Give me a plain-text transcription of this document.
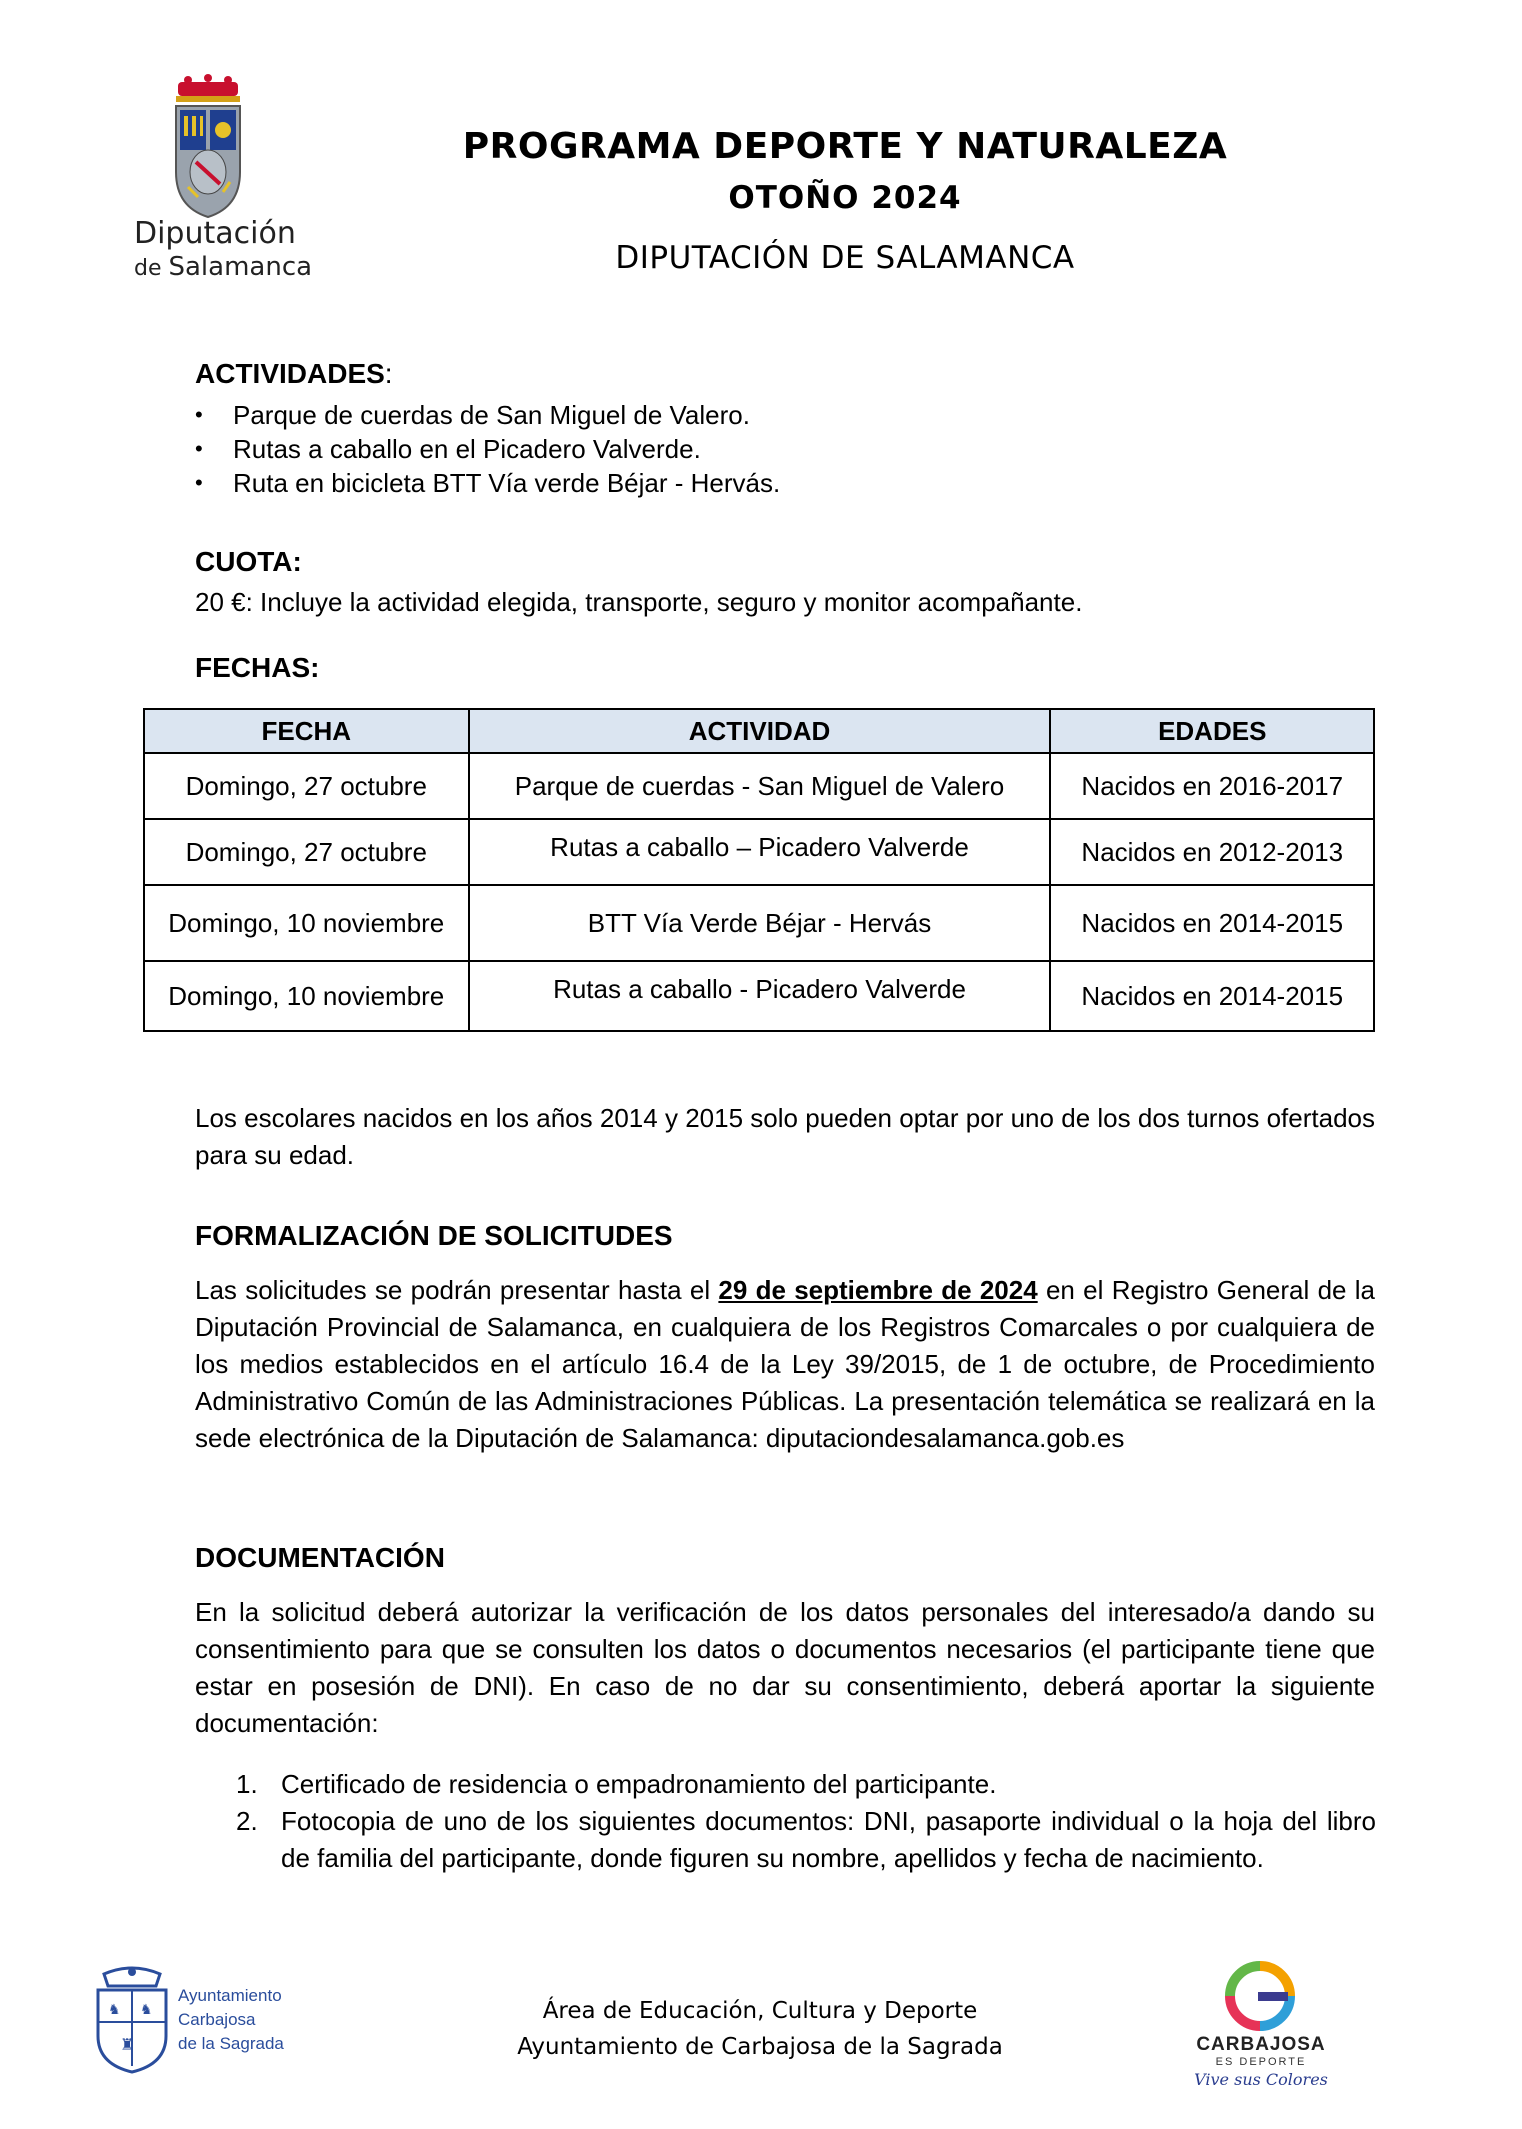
Diputación
de Salamanca
PROGRAMA DEPORTE Y NATURALEZA
OTOÑO 2024
DIPUTACIÓN DE SALAMANCA
ACTIVIDADES:
• Parque de cuerdas de San Miguel de Valero.
• Rutas a caballo en el Picadero Valverde.
• Ruta en bicicleta BTT Vía verde Béjar - Hervás.
CUOTA:
20 €: Incluye la actividad elegida, transporte, seguro y monitor acompañante.
FECHAS:
FECHA	ACTIVIDAD	EDADES
Domingo, 27 octubre	Parque de cuerdas - San Miguel de Valero	Nacidos en 2016-2017
Domingo, 27 octubre	Rutas a caballo – Picadero Valverde	Nacidos en 2012-2013
Domingo, 10 noviembre	BTT Vía Verde Béjar - Hervás	Nacidos en 2014-2015
Domingo, 10 noviembre	Rutas a caballo - Picadero Valverde	Nacidos en 2014-2015
Los escolares nacidos en los años 2014 y 2015 solo pueden optar por uno de los dos turnos ofertados para su edad.
FORMALIZACIÓN DE SOLICITUDES
Las solicitudes se podrán presentar hasta el 29 de septiembre de 2024 en el Registro General de la Diputación Provincial de Salamanca, en cualquiera de los Registros Comarcales o por cualquiera de los medios establecidos en el artículo 16.4 de la Ley 39/2015, de 1 de octubre, de Procedimiento Administrativo Común de las Administraciones Públicas. La presentación telemática se realizará en la sede electrónica de la Diputación de Salamanca: diputaciondesalamanca.gob.es
DOCUMENTACIÓN
En la solicitud deberá autorizar la verificación de los datos personales del interesado/a dando su consentimiento para que se consulten los datos o documentos necesarios (el participante tiene que estar en posesión de DNI). En caso de no dar su consentimiento, deberá aportar la siguiente documentación:
1. Certificado de residencia o empadronamiento del participante.
2. Fotocopia de uno de los siguientes documentos: DNI, pasaporte individual o la hoja del libro de familia del participante, donde figuren su nombre, apellidos y fecha de nacimiento.
♞ ♞
♜
Ayuntamiento
Carbajosa
de la Sagrada
Área de Educación, Cultura y Deporte
Ayuntamiento de Carbajosa de la Sagrada	CARBAJOSA
ES DEPORTE
Vive sus Colores
